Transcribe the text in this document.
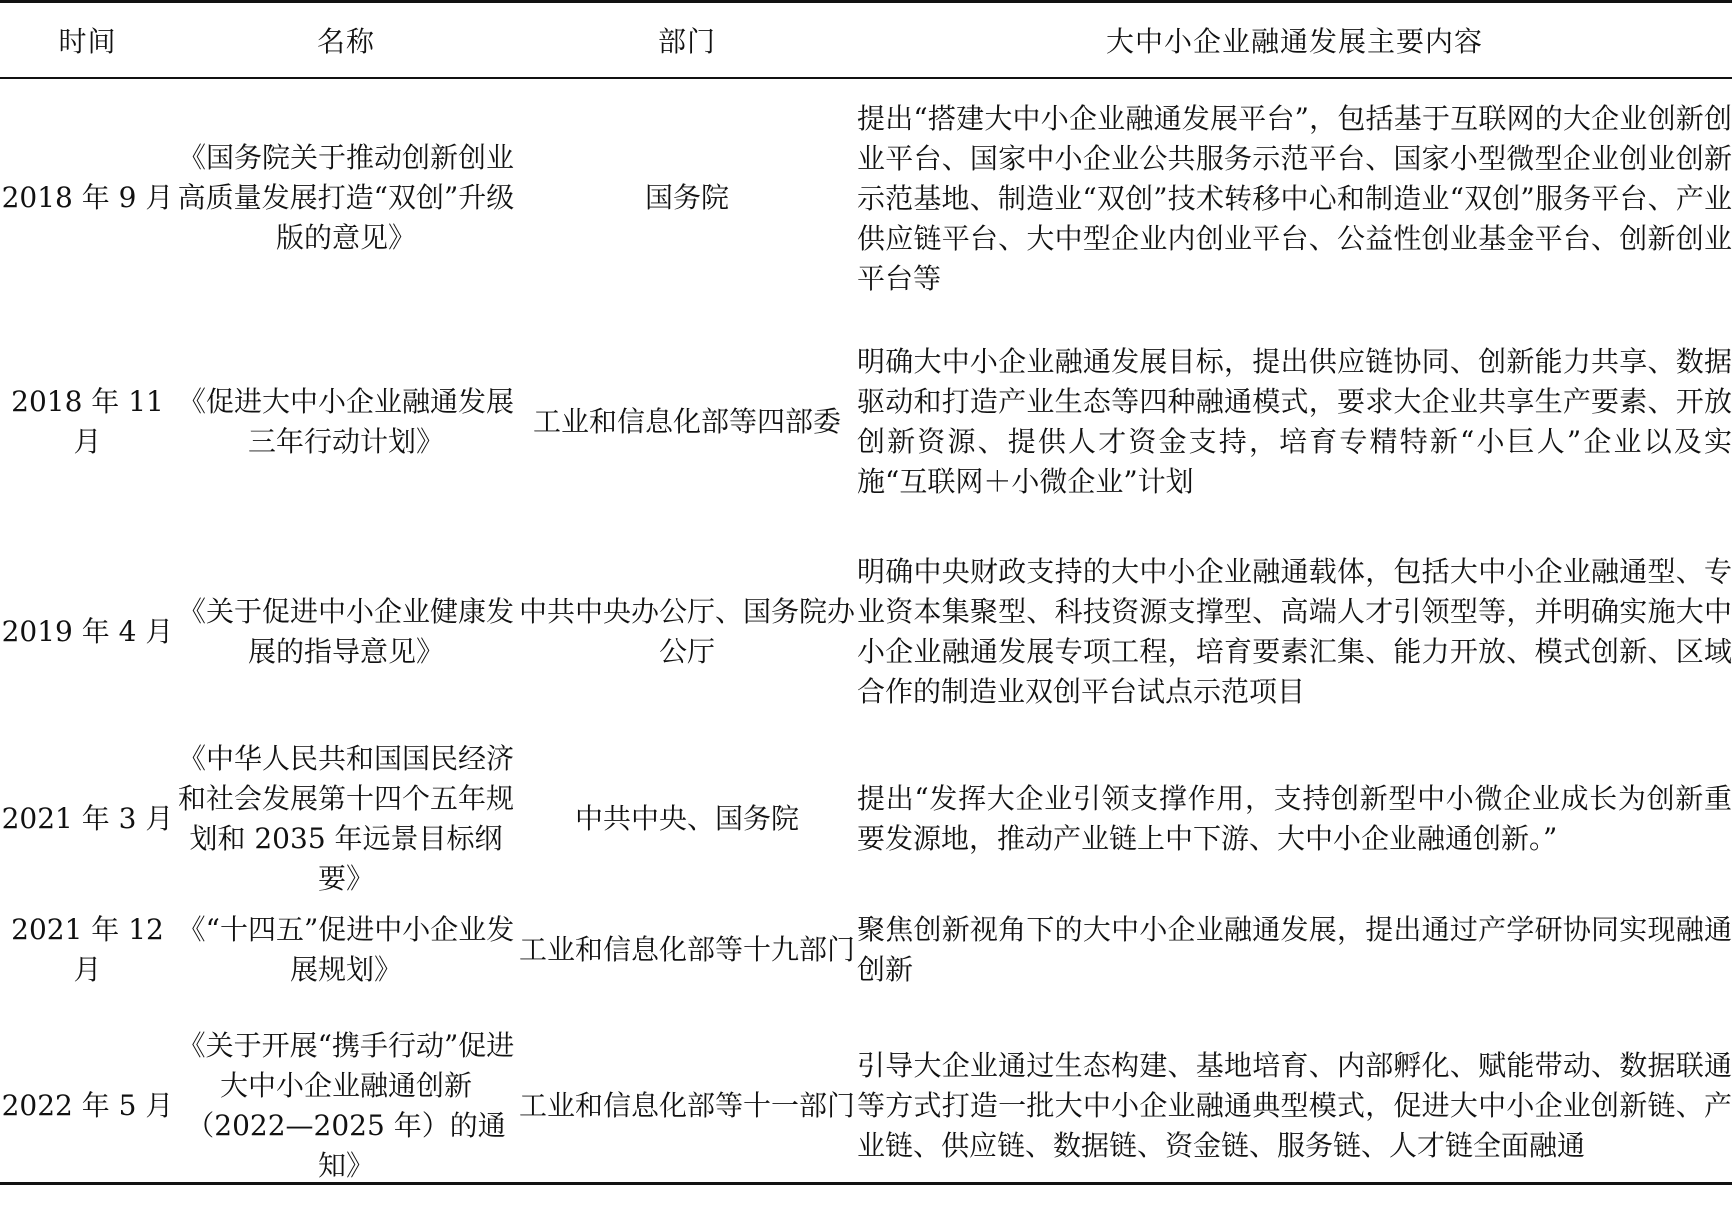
时间	名称	部门	大中小企业融通发展主要内容
2018 年 9 月	《国务院关于推动创新创业高质量发展打造“双创”升级版的意见》	国务院	提出“搭建大中小企业融通发展平台”，包括基于互联网的大企业创新创业平台、国家中小企业公共服务示范平台、国家小型微型企业创业创新示范基地、制造业“双创”技术转移中心和制造业“双创”服务平台、产业供应链平台、大中型企业内创业平台、公益性创业基金平台、创新创业平台等
2018 年 11 月	《促进大中小企业融通发展三年行动计划》	工业和信息化部等四部委	明确大中小企业融通发展目标，提出供应链协同、创新能力共享、数据驱动和打造产业生态等四种融通模式，要求大企业共享生产要素、开放创新资源、提供人才资金支持，培育专精特新“小巨人”企业以及实施“互联网＋小微企业”计划
2019 年 4 月	《关于促进中小企业健康发展的指导意见》	中共中央办公厅、国务院办公厅	明确中央财政支持的大中小企业融通载体，包括大中小企业融通型、专业资本集聚型、科技资源支撑型、高端人才引领型等，并明确实施大中小企业融通发展专项工程，培育要素汇集、能力开放、模式创新、区域合作的制造业双创平台试点示范项目
2021 年 3 月	《中华人民共和国国民经济和社会发展第十四个五年规划和 2035 年远景目标纲要》	中共中央、国务院	提出“发挥大企业引领支撑作用，支持创新型中小微企业成长为创新重要发源地，推动产业链上中下游、大中小企业融通创新。”
2021 年 12 月	《“十四五”促进中小企业发展规划》	工业和信息化部等十九部门	聚焦创新视角下的大中小企业融通发展，提出通过产学研协同实现融通创新
2022 年 5 月	《关于开展“携手行动”促进大中小企业融通创新（2022—2025 年）的通知》	工业和信息化部等十一部门	引导大企业通过生态构建、基地培育、内部孵化、赋能带动、数据联通等方式打造一批大中小企业融通典型模式，促进大中小企业创新链、产业链、供应链、数据链、资金链、服务链、人才链全面融通
